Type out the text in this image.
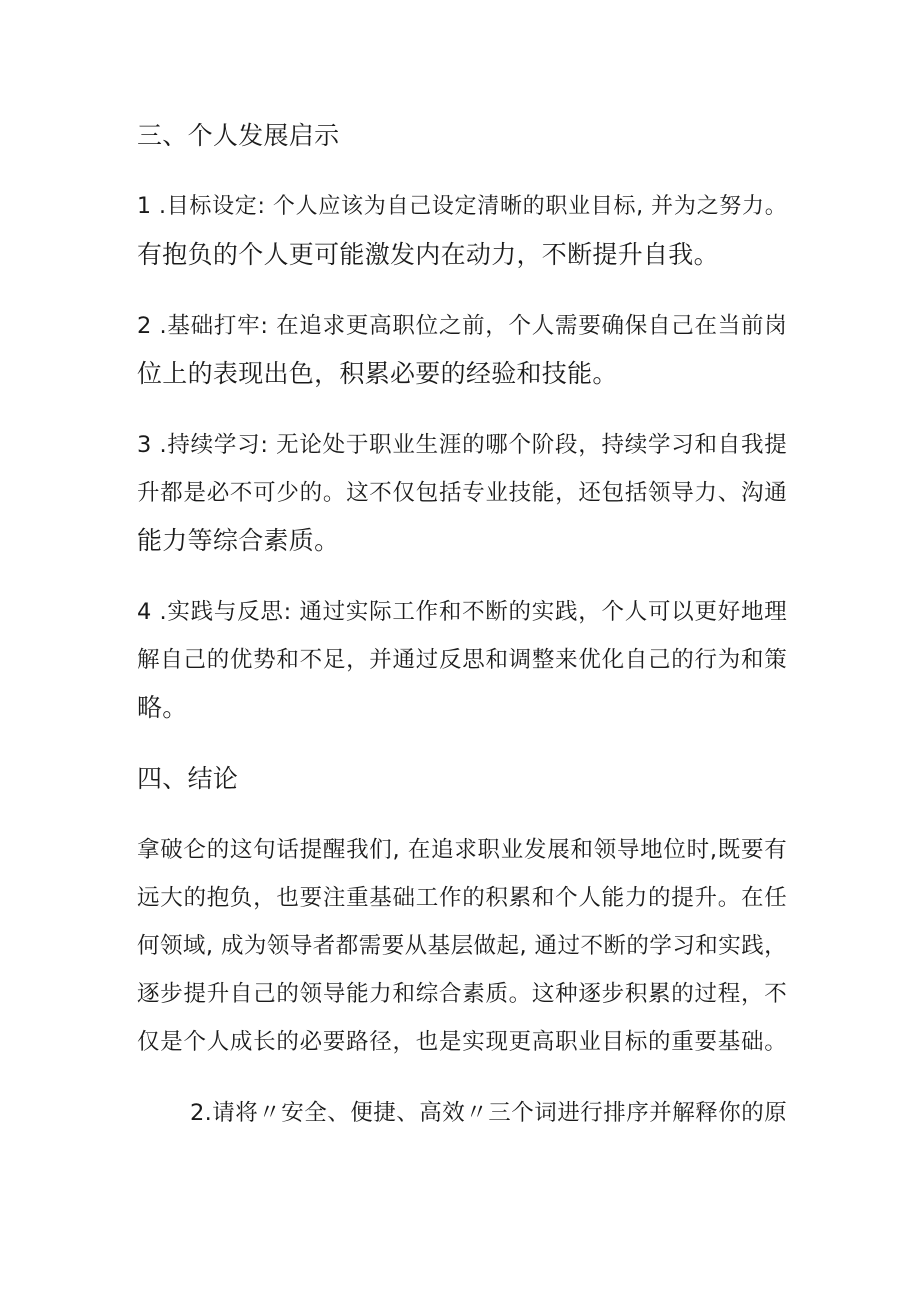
三、个人发展启示
1 .目标设定: 个人应该为自己设定清晰的职业目标, 并为之努力。
有抱负的个人更可能激发内在动力，不断提升自我。
2 .基础打牢: 在追求更高职位之前，个人需要确保自己在当前岗
位上的表现出色，积累必要的经验和技能。
3 .持续学习: 无论处于职业生涯的哪个阶段，持续学习和自我提
升都是必不可少的。这不仅包括专业技能，还包括领导力、沟通
能力等综合素质。
4 .实践与反思: 通过实际工作和不断的实践，个人可以更好地理
解自己的优势和不足，并通过反思和调整来优化自己的行为和策
略。
四、结论
拿破仑的这句话提醒我们, 在追求职业发展和领导地位时,既要有
远大的抱负，也要注重基础工作的积累和个人能力的提升。在任
何领域, 成为领导者都需要从基层做起, 通过不断的学习和实践，
逐步提升自己的领导能力和综合素质。这种逐步积累的过程，不
仅是个人成长的必要路径，也是实现更高职业目标的重要基础。
2.请将〃安全、便捷、高效〃三个词进行排序并解释你的原
